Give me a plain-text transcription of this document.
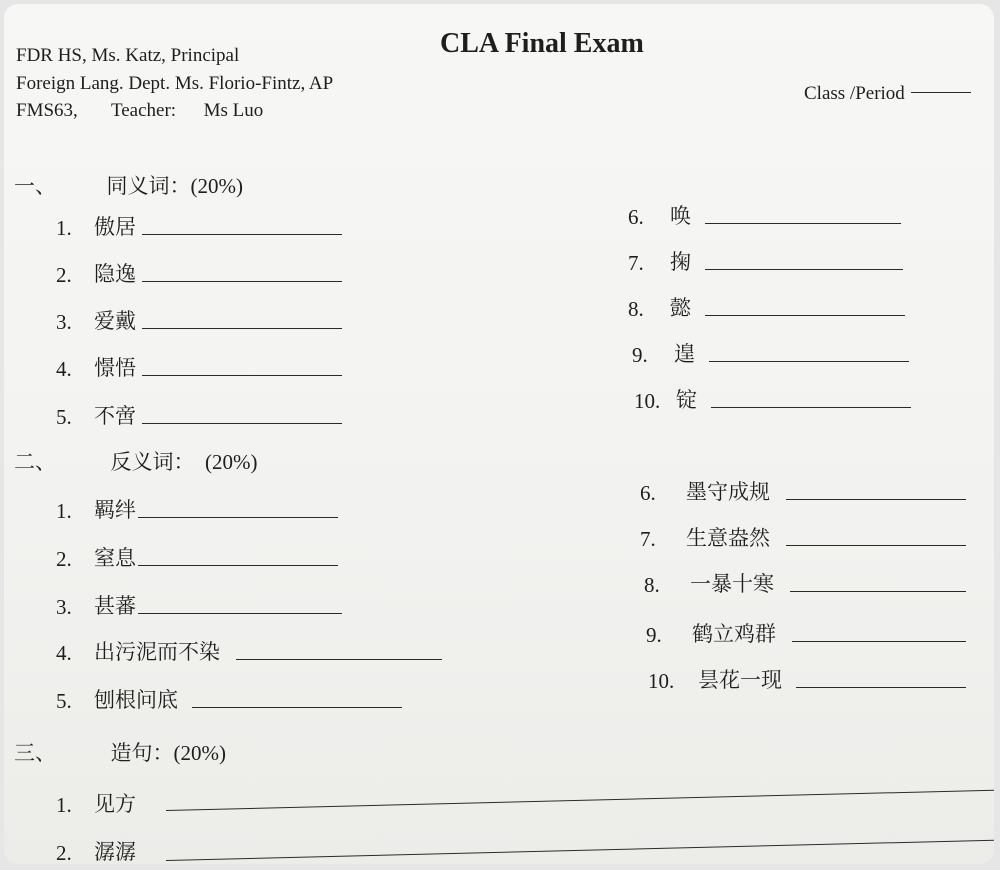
FDR HS, Ms. Katz, Principal
Foreign Lang. Dept. Ms. Florio-Fintz, AP
FMS63, Teacher: Ms Luo
CLA Final Exam
Class /Period
一、 同义词：(20%)
1.	傲居
2.	隐逸
3.	爱戴
4.	憬悟
5.	不啻
6.	唤
7.	掬
8.	懿
9.	遑
10. 锭
二、	反义词：　(20%)
1.	羁绊
2.	窒息
3.	甚蕃
4.	出污泥而不染
5.	刨根问底
6.	墨守成规
7.	生意盎然
8.	一暴十寒
9.	鹤立鸡群
10.	昙花一现
三、	造句：(20%)
1.	见方
2.	潺潺
